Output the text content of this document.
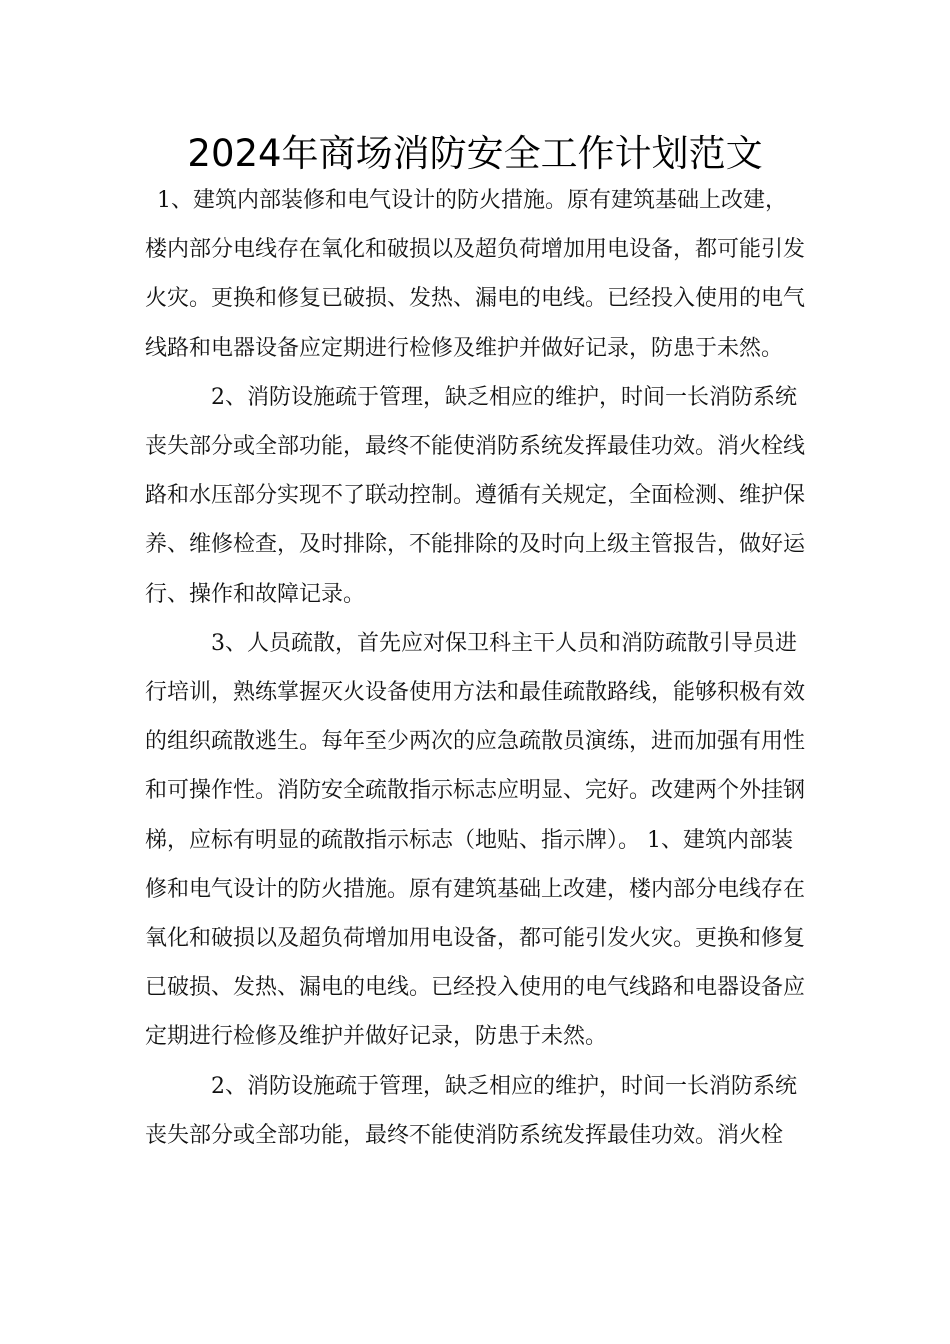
2024年商场消防安全工作计划范文

1、建筑内部装修和电气设计的防火措施。原有建筑基础上改建，楼内部分电线存在氧化和破损以及超负荷增加用电设备，都可能引发火灾。更换和修复已破损、发热、漏电的电线。已经投入使用的电气线路和电器设备应定期进行检修及维护并做好记录，防患于未然。

2、消防设施疏于管理，缺乏相应的维护，时间一长消防系统丧失部分或全部功能，最终不能使消防系统发挥最佳功效。消火栓线路和水压部分实现不了联动控制。遵循有关规定，全面检测、维护保养、维修检查，及时排除，不能排除的及时向上级主管报告，做好运行、操作和故障记录。

3、人员疏散，首先应对保卫科主干人员和消防疏散引导员进行培训，熟练掌握灭火设备使用方法和最佳疏散路线，能够积极有效的组织疏散逃生。每年至少两次的应急疏散员演练，进而加强有用性和可操作性。消防安全疏散指示标志应明显、完好。改建两个外挂钢梯，应标有明显的疏散指示标志（地贴、指示牌）。 1、建筑内部装修和电气设计的防火措施。原有建筑基础上改建，楼内部分电线存在氧化和破损以及超负荷增加用电设备，都可能引发火灾。更换和修复已破损、发热、漏电的电线。已经投入使用的电气线路和电器设备应定期进行检修及维护并做好记录，防患于未然。

2、消防设施疏于管理，缺乏相应的维护，时间一长消防系统丧失部分或全部功能，最终不能使消防系统发挥最佳功效。消火栓
